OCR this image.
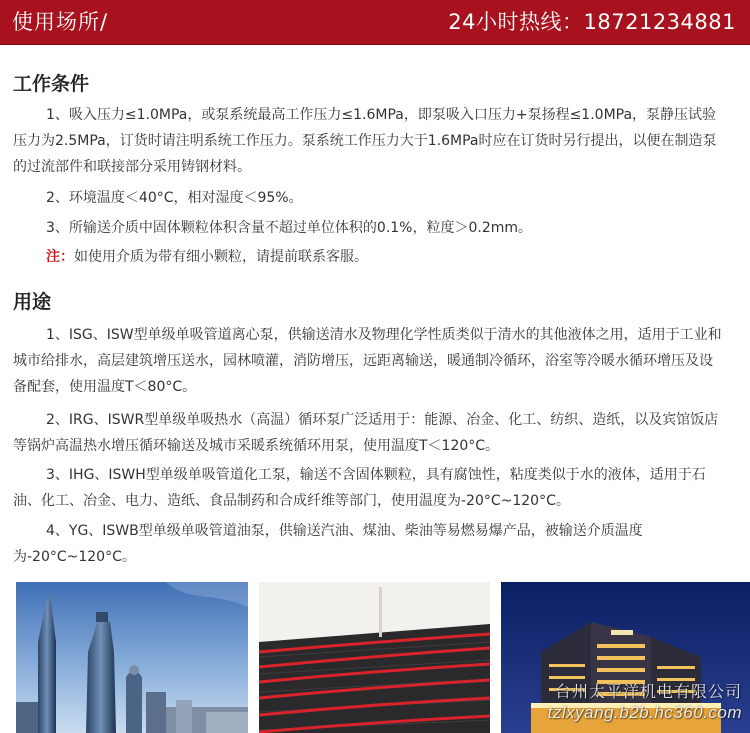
使用场所/	24小时热线：18721234881
工作条件

1、吸入压力≤1.0MPa，或泵系统最高工作压力≤1.6MPa，即泵吸入口压力+泵扬程≤1.0MPa，泵静压试验压力为2.5MPa，订货时请注明系统工作压力。泵系统工作压力大于1.6MPa时应在订货时另行提出，以便在制造泵的过流部件和联接部分采用铸钢材料。

2、环境温度＜40°C，相对湿度＜95%。

3、所输送介质中固体颗粒体积含量不超过单位体积的0.1%，粒度＞0.2mm。

注：如使用介质为带有细小颗粒，请提前联系客服。

用途

1、ISG、ISW型单级单吸管道离心泵，供输送清水及物理化学性质类似于清水的其他液体之用，适用于工业和城市给排水，高层建筑增压送水，园林喷灌，消防增压，远距离输送，暖通制冷循环，浴室等冷暖水循环增压及设备配套，使用温度T＜80°C。

2、IRG、ISWR型单级单吸热水（高温）循环泵广泛适用于：能源、冶金、化工、纺织、造纸，以及宾馆饭店等锅炉高温热水增压循环输送及城市采暖系统循环用泵，使用温度T＜120°C。

3、IHG、ISWH型单级单吸管道化工泵，输送不含固体颗粒，具有腐蚀性，粘度类似于水的液体，适用于石油、化工、冶金、电力、造纸、食品制药和合成纤维等部门，使用温度为-20°C~120°C。

4、YG、ISWB型单级单吸管道油泵，供输送汽油、煤油、柴油等易燃易爆产品，被输送介质温度为-20°C~120°C。

台州太平洋机电有限公司
tzlxyang.b2b.hc360.com
